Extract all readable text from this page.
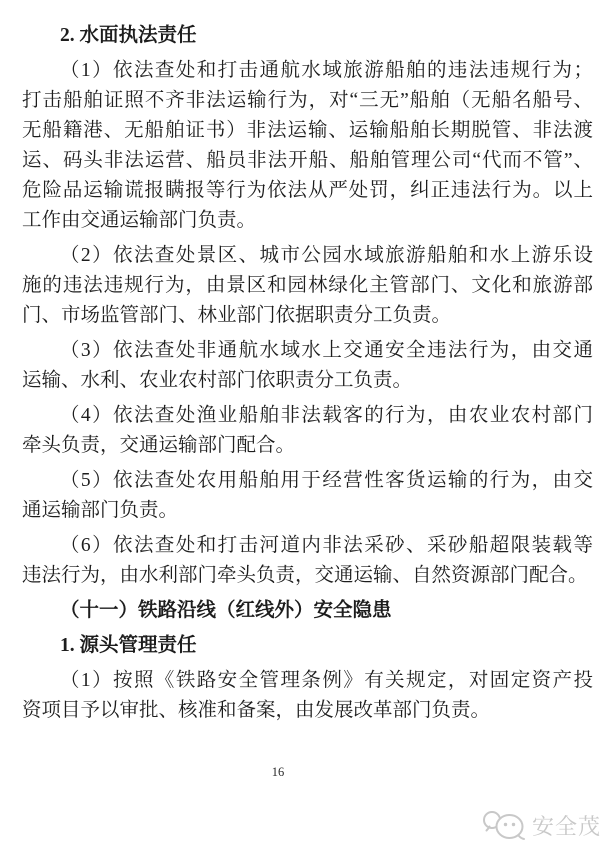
2. 水面执法责任
（1）依法查处和打击通航水域旅游船舶的违法违规行为；
打击船舶证照不齐非法运输行为，对“三无”船舶（无船名船号、
无船籍港、无船舶证书）非法运输、运输船舶长期脱管、非法渡
运、码头非法运营、船员非法开船、船舶管理公司“代而不管”、
危险品运输谎报瞒报等行为依法从严处罚，纠正违法行为。以上
工作由交通运输部门负责。
（2）依法查处景区、城市公园水域旅游船舶和水上游乐设
施的违法违规行为，由景区和园林绿化主管部门、文化和旅游部
门、市场监管部门、林业部门依据职责分工负责。
（3）依法查处非通航水域水上交通安全违法行为，由交通
运输、水利、农业农村部门依职责分工负责。
（4）依法查处渔业船舶非法载客的行为，由农业农村部门
牵头负责，交通运输部门配合。
（5）依法查处农用船舶用于经营性客货运输的行为，由交
通运输部门负责。
（6）依法查处和打击河道内非法采砂、采砂船超限装载等
违法行为，由水利部门牵头负责，交通运输、自然资源部门配合。
（十一）铁路沿线（红线外）安全隐患
1. 源头管理责任
（1）按照《铁路安全管理条例》有关规定，对固定资产投
资项目予以审批、核准和备案，由发展改革部门负责。
16
安全茂
